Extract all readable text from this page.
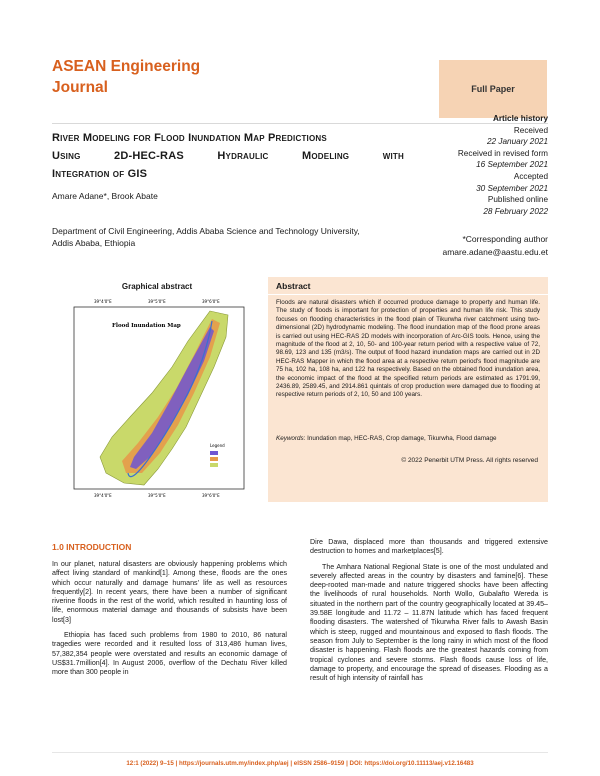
ASEAN Engineering
Journal	Full Paper
River Modeling for Flood Inundation Map Predictions
Using 2D-HEC-RAS Hydraulic Modeling with
Integration of GIS
Amare Adane*, Brook Abate
Department of Civil Engineering, Addis Ababa Science and Technology University, Addis Ababa, Ethiopia
Article history
Received
22 January 2021
Received in revised form
16 September 2021
Accepted
30 September 2021
Published online
28 February 2022
*Corresponding author
amare.adane@aastu.edu.et
Graphical abstract
39°4'0"E	39°5'0"E	39°6'0"E
Flood Inundation Map
Legend
39°4'0"E	39°5'0"E	39°6'0"E
Abstract
Floods are natural disasters which if occurred produce damage to property and human life. The study of floods is important for protection of properties and human life risk. This study focuses on flooding characteristics in the flood plain of Tikurwha river catchment using two-dimensional (2D) hydrodynamic modeling. The flood inundation map of the flood prone areas is carried out using HEC-RAS 2D models with incorporation of Arc-GIS tools. Hence, using the magnitude of the flood at 2, 10, 50- and 100-year return period with a respective value of 72, 98.69, 123 and 135 (m3/s). The output of flood hazard inundation maps are carried out in 2D HEC-RAS Mapper in which the flood area at a respective return period's flood magnitude are 75 ha, 102 ha, 108 ha, and 122 ha respectively. Based on the obtained flood inundation area, the economic impact of the flood at the specified return periods are estimated as 1791.99, 2436.89, 2589.45, and 2914.861 quintals of crop production were damaged due to flooding at respective return periods of 2, 10, 50 and 100 years.
Keywords: Inundation map, HEC-RAS, Crop damage, Tikurwha, Flood damage
© 2022 Penerbit UTM Press. All rights reserved
1.0 INTRODUCTION

In our planet, natural disasters are obviously happening problems which affect living standard of mankind[1]. Among these, floods are the ones which occur naturally and damage humans' life as well as resources frequently[2]. In recent years, there have been a number of significant riverine floods in the rest of the world, which resulted in haunting loss of life, enormous material damage and thousands of subsists have been lost[3]

Ethiopia has faced such problems from 1980 to 2010, 86 natural tragedies were recorded and it resulted loss of 313,486 human lives, 57,382,354 people were overstated and results an economic damage of US$31.7million[4]. In August 2006, overflow of the Dechatu River killed more than 300 people in

Dire Dawa, displaced more than thousands and triggered extensive destruction to homes and marketplaces[5].

The Amhara National Regional State is one of the most undulated and severely affected areas in the country by disasters and famine[6]. These deep-rooted man-made and nature triggered shocks have been affecting the livelihoods of rural households. North Wollo, Gubalafto Wereda is situated in the northern part of the country geographically located at 39.45– 39.58E longitude and 11.72 – 11.87N latitude which has faced frequent flooding disasters. The watershed of Tikurwha River falls to Awash Basin which is steep, rugged and mountainous and exposed to flash floods. The season from July to September is the long rainy in which most of the flood disaster is happening. Flash floods are the greatest hazards coming from tropical cyclones and severe storms. Flash floods cause loss of life, damage to property, and encourage the spread of diseases. Flooding as a result of high intensity of rainfall has

12:1 (2022) 9–15 | https://journals.utm.my/index.php/aej | eISSN 2586–9159 | DOI: https://doi.org/10.11113/aej.v12.16483
